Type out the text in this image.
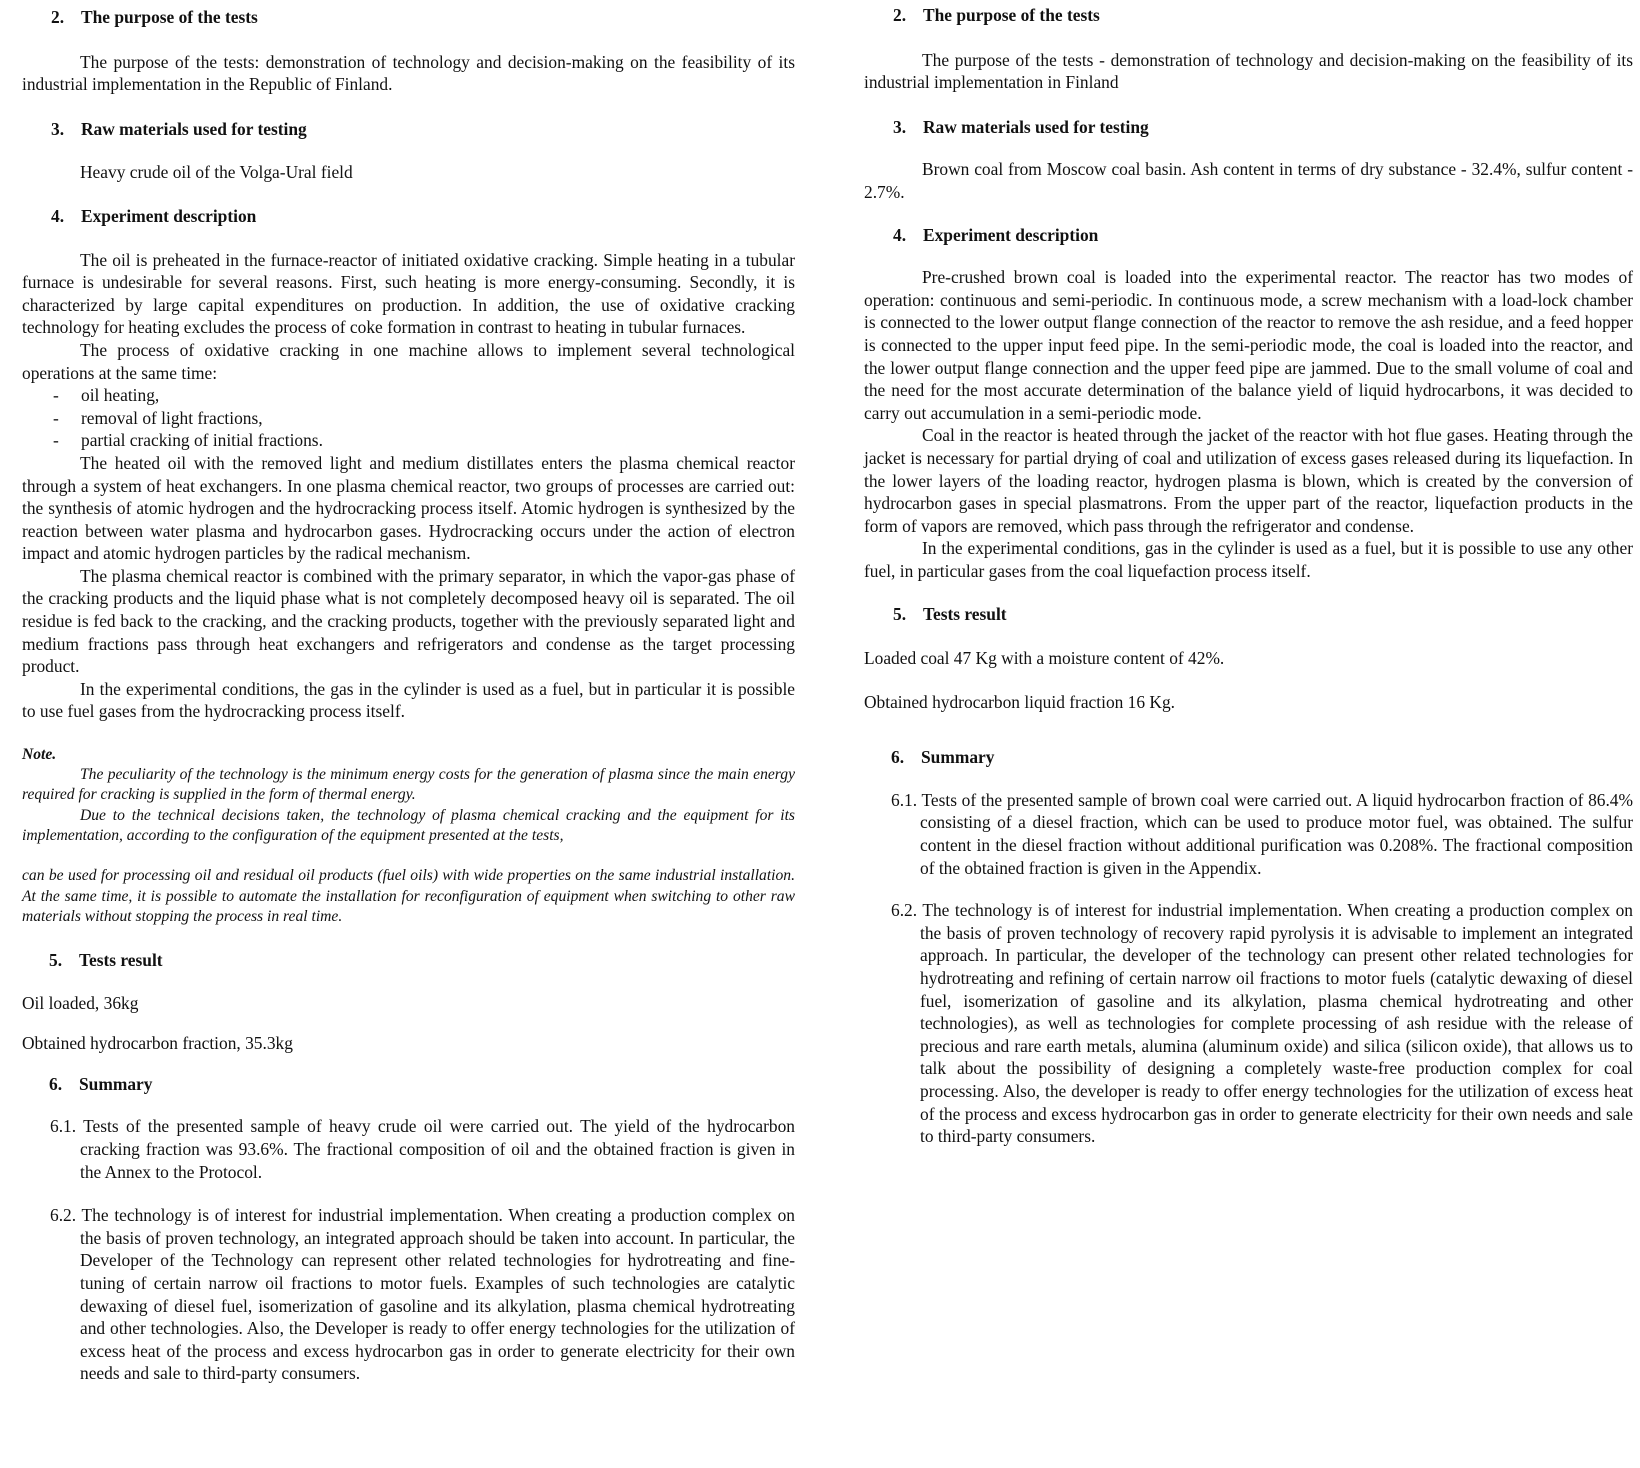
2. The purpose of the tests

The purpose of the tests: demonstration of technology and decision-making on the feasibility of its industrial implementation in the Republic of Finland.

3. Raw materials used for testing

Heavy crude oil of the Volga-Ural field

4. Experiment description

The oil is preheated in the furnace-reactor of initiated oxidative cracking. Simple heating in a tubular furnace is undesirable for several reasons. First, such heating is more energy-consuming. Secondly, it is characterized by large capital expenditures on production. In addition, the use of oxidative cracking technology for heating excludes the process of coke formation in contrast to heating in tubular furnaces.

The process of oxidative cracking in one machine allows to implement several technological operations at the same time:

- oil heating,
- removal of light fractions,
- partial cracking of initial fractions.

The heated oil with the removed light and medium distillates enters the plasma chemical reactor through a system of heat exchangers. In one plasma chemical reactor, two groups of processes are carried out: the synthesis of atomic hydrogen and the hydrocracking process itself. Atomic hydrogen is synthesized by the reaction between water plasma and hydrocarbon gases. Hydrocracking occurs under the action of electron impact and atomic hydrogen particles by the radical mechanism.

The plasma chemical reactor is combined with the primary separator, in which the vapor-gas phase of the cracking products and the liquid phase what is not completely decomposed heavy oil is separated. The oil residue is fed back to the cracking, and the cracking products, together with the previously separated light and medium fractions pass through heat exchangers and refrigerators and condense as the target processing product.

In the experimental conditions, the gas in the cylinder is used as a fuel, but in particular it is possible to use fuel gases from the hydrocracking process itself.

Note.

The peculiarity of the technology is the minimum energy costs for the generation of plasma since the main energy required for cracking is supplied in the form of thermal energy.

Due to the technical decisions taken, the technology of plasma chemical cracking and the equipment for its implementation, according to the configuration of the equipment presented at the tests,

can be used for processing oil and residual oil products (fuel oils) with wide properties on the same industrial installation. At the same time, it is possible to automate the installation for reconfiguration of equipment when switching to other raw materials without stopping the process in real time.

5. Tests result
Oil loaded, 36kg
Obtained hydrocarbon fraction, 35.3kg
6. Summary

6.1. Tests of the presented sample of heavy crude oil were carried out. The yield of the hydrocarbon cracking fraction was 93.6%. The fractional composition of oil and the obtained fraction is given in the Annex to the Protocol.

6.2. The technology is of interest for industrial implementation. When creating a production complex on the basis of proven technology, an integrated approach should be taken into account. In particular, the Developer of the Technology can represent other related technologies for hydrotreating and fine-tuning of certain narrow oil fractions to motor fuels. Examples of such technologies are catalytic dewaxing of diesel fuel, isomerization of gasoline and its alkylation, plasma chemical hydrotreating and other technologies. Also, the Developer is ready to offer energy technologies for the utilization of excess heat of the process and excess hydrocarbon gas in order to generate electricity for their own needs and sale to third-party consumers.

2. The purpose of the tests

The purpose of the tests - demonstration of technology and decision-making on the feasibility of its industrial implementation in Finland

3. Raw materials used for testing

Brown coal from Moscow coal basin. Ash content in terms of dry substance - 32.4%, sulfur content - 2.7%.

4. Experiment description

Pre-crushed brown coal is loaded into the experimental reactor. The reactor has two modes of operation: continuous and semi-periodic. In continuous mode, a screw mechanism with a load-lock chamber is connected to the lower output flange connection of the reactor to remove the ash residue, and a feed hopper is connected to the upper input feed pipe. In the semi-periodic mode, the coal is loaded into the reactor, and the lower output flange connection and the upper feed pipe are jammed. Due to the small volume of coal and the need for the most accurate determination of the balance yield of liquid hydrocarbons, it was decided to carry out accumulation in a semi-periodic mode.

Coal in the reactor is heated through the jacket of the reactor with hot flue gases. Heating through the jacket is necessary for partial drying of coal and utilization of excess gases released during its liquefaction. In the lower layers of the loading reactor, hydrogen plasma is blown, which is created by the conversion of hydrocarbon gases in special plasmatrons. From the upper part of the reactor, liquefaction products in the form of vapors are removed, which pass through the refrigerator and condense.

In the experimental conditions, gas in the cylinder is used as a fuel, but it is possible to use any other fuel, in particular gases from the coal liquefaction process itself.

5. Tests result
Loaded coal 47 Kg with a moisture content of 42%.
Obtained hydrocarbon liquid fraction 16 Kg.
6. Summary

6.1. Tests of the presented sample of brown coal were carried out. A liquid hydrocarbon fraction of 86.4% consisting of a diesel fraction, which can be used to produce motor fuel, was obtained. The sulfur content in the diesel fraction without additional purification was 0.208%. The fractional composition of the obtained fraction is given in the Appendix.

6.2. The technology is of interest for industrial implementation. When creating a production complex on the basis of proven technology of recovery rapid pyrolysis it is advisable to implement an integrated approach. In particular, the developer of the technology can present other related technologies for hydrotreating and refining of certain narrow oil fractions to motor fuels (catalytic dewaxing of diesel fuel, isomerization of gasoline and its alkylation, plasma chemical hydrotreating and other technologies), as well as technologies for complete processing of ash residue with the release of precious and rare earth metals, alumina (aluminum oxide) and silica (silicon oxide), that allows us to talk about the possibility of designing a completely waste-free production complex for coal processing. Also, the developer is ready to offer energy technologies for the utilization of excess heat of the process and excess hydrocarbon gas in order to generate electricity for their own needs and sale to third-party consumers.
